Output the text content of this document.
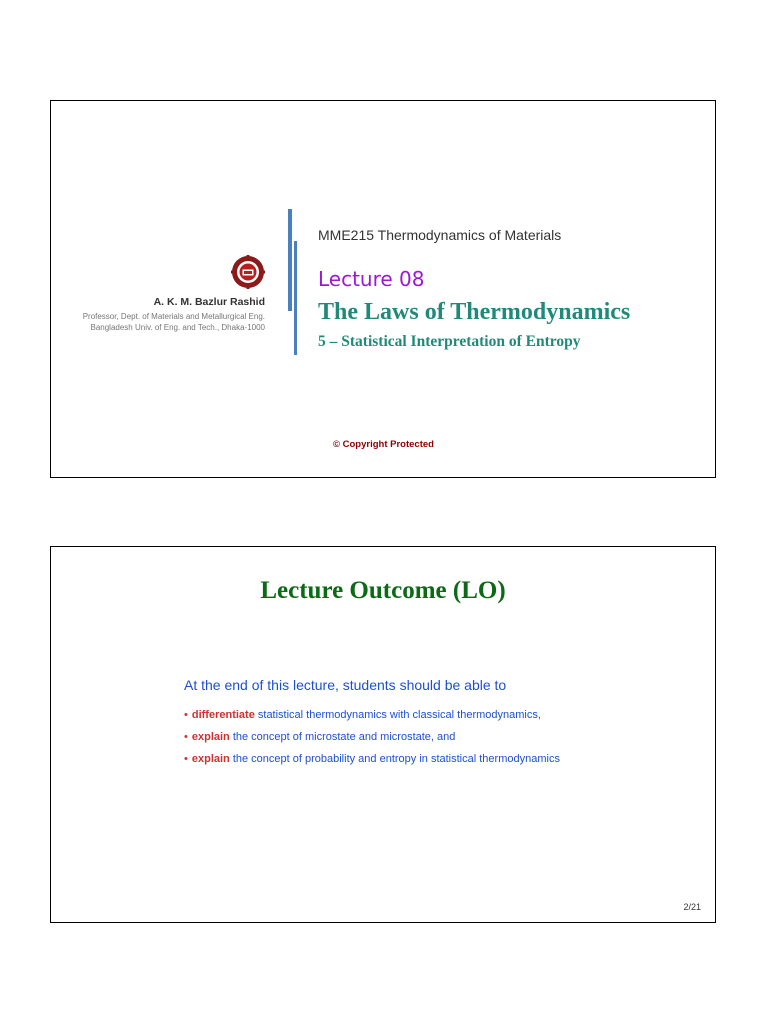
A. K. M. Bazlur Rashid
Professor, Dept. of Materials and Metallurgical Eng.
Bangladesh Univ. of Eng. and Tech., Dhaka-1000
MME215 Thermodynamics of Materials
Lecture 08
The Laws of Thermodynamics
5 – Statistical Interpretation of Entropy
© Copyright Protected
Lecture Outcome (LO)
At the end of this lecture, students should be able to
• differentiate statistical thermodynamics with classical thermodynamics,
• explain the concept of microstate and microstate, and
• explain the concept of probability and entropy in statistical thermodynamics
2/21
